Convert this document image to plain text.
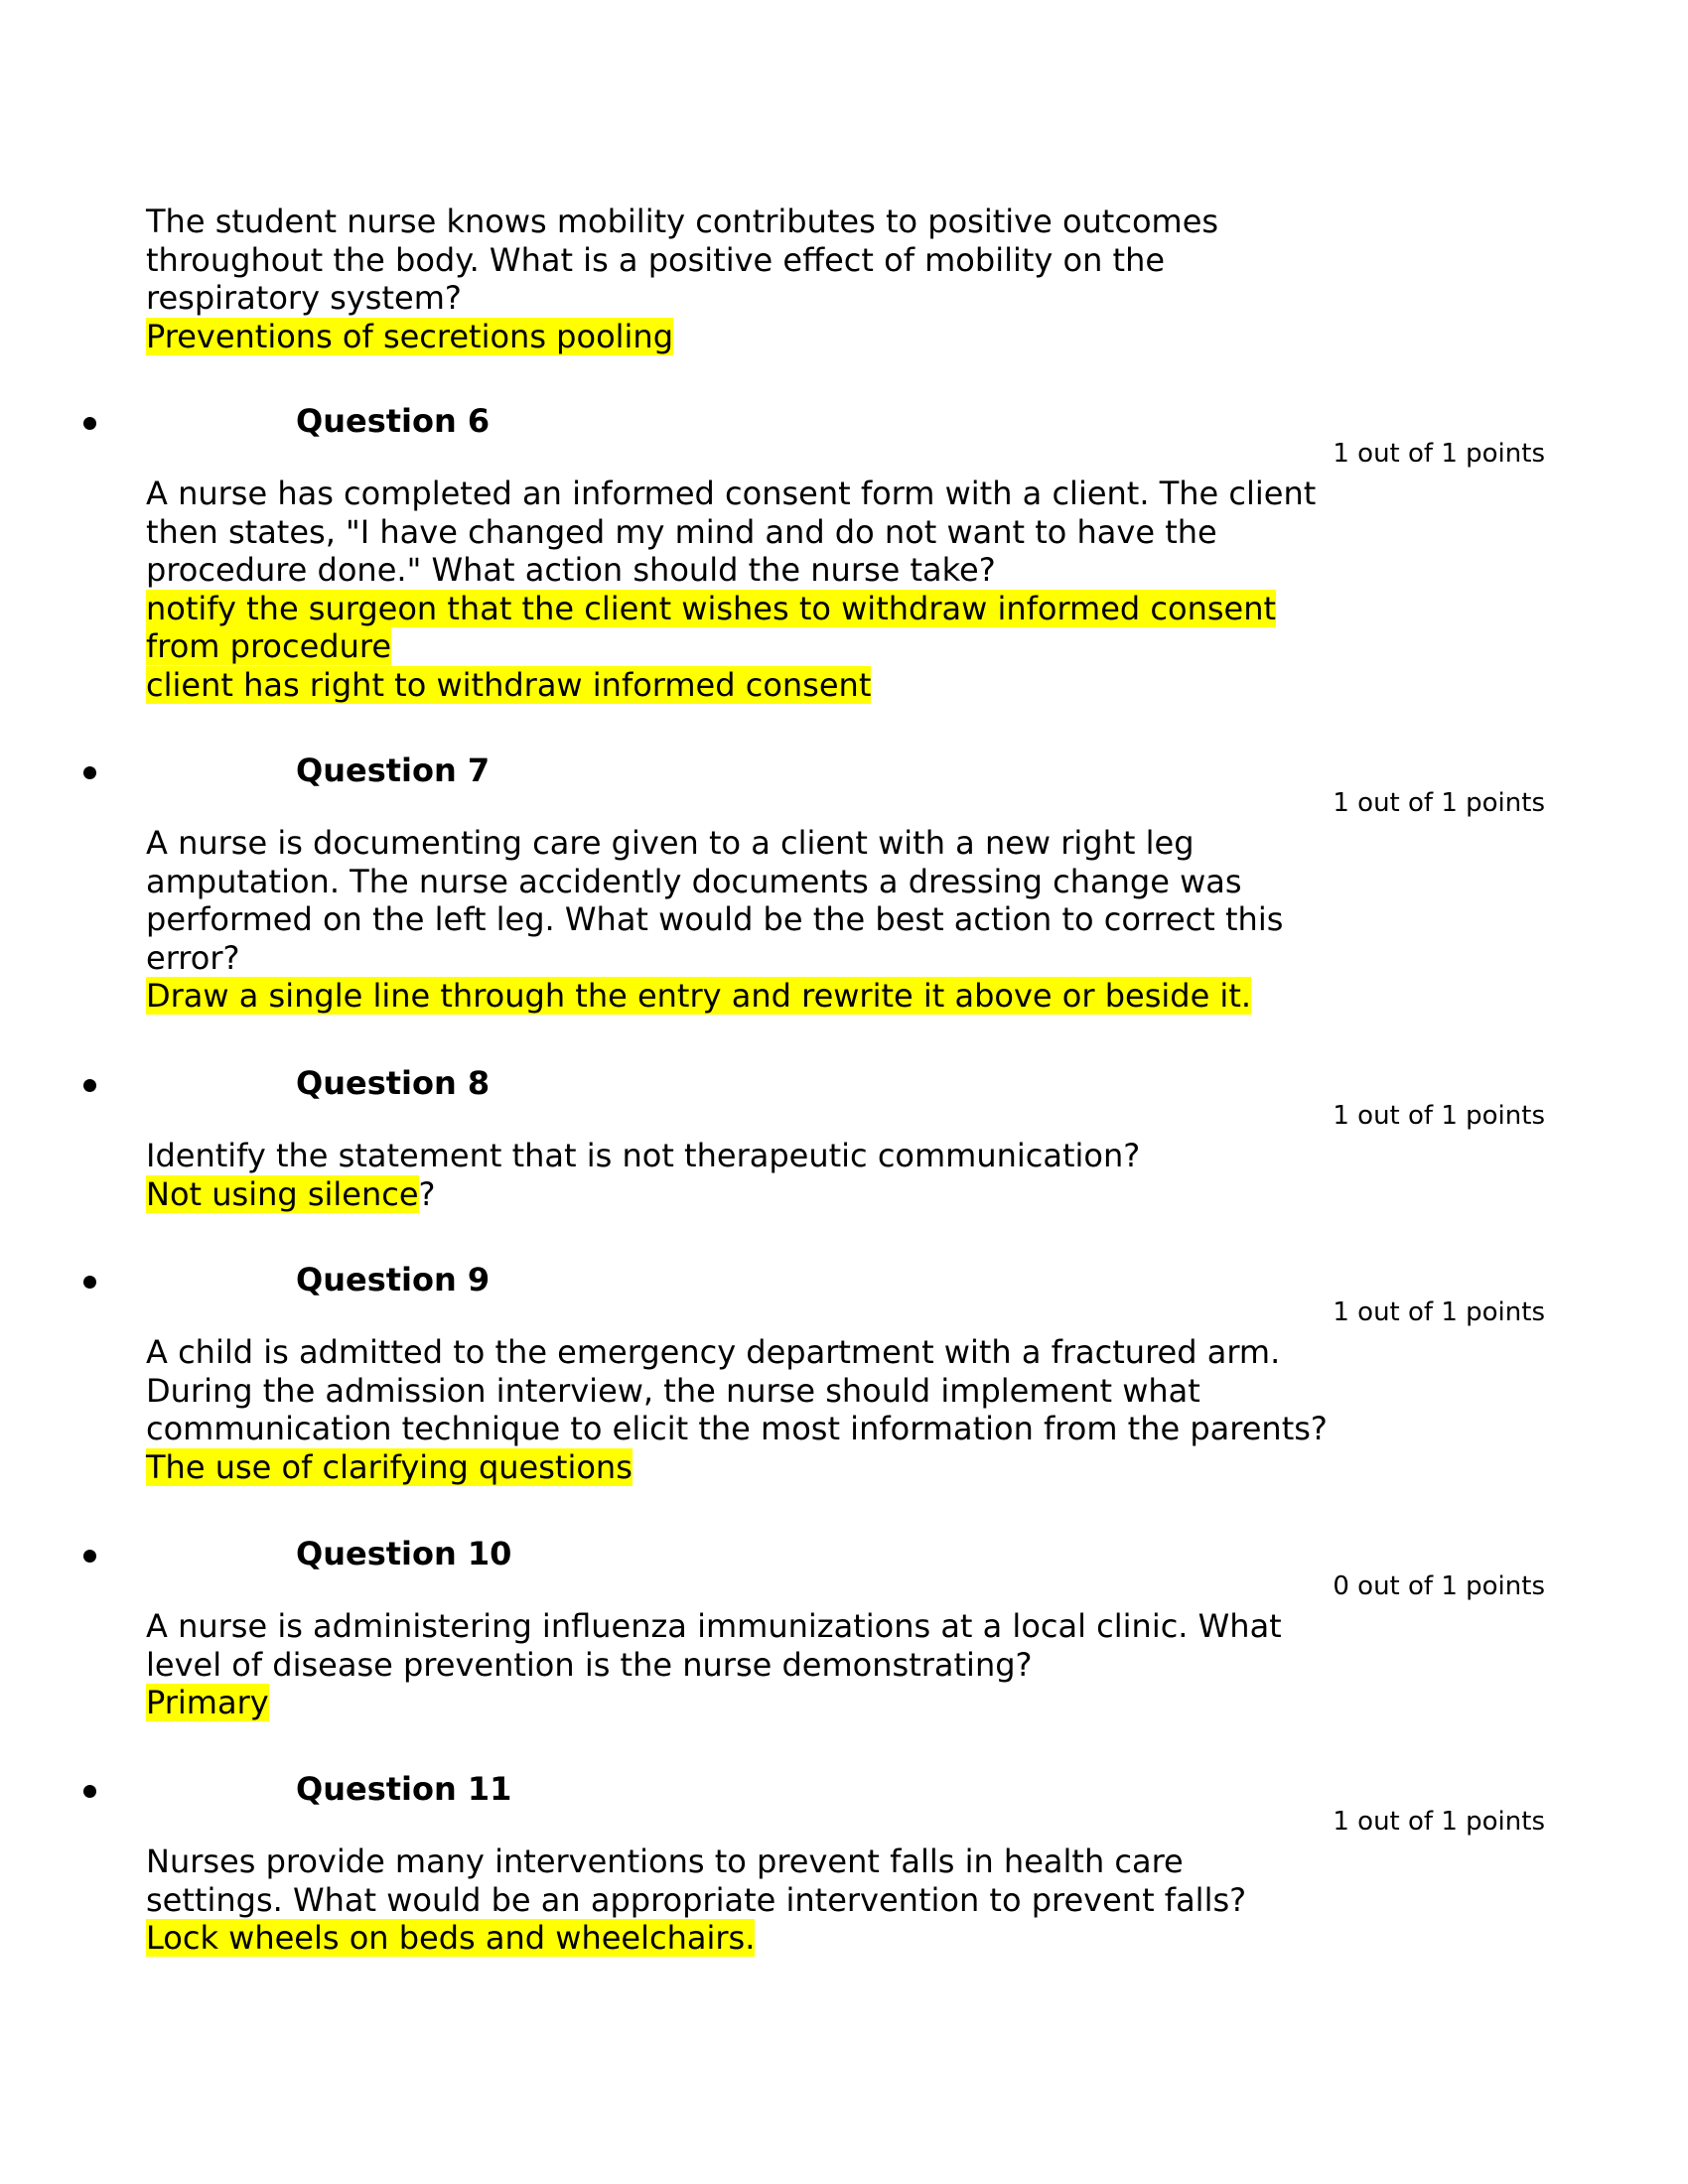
The student nurse knows mobility contributes to positive outcomes
throughout the body. What is a positive effect of mobility on the
respiratory system?
Preventions of secretions pooling
Question 6
1 out of 1 points
A nurse has completed an informed consent form with a client. The client
then states, "I have changed my mind and do not want to have the
procedure done." What action should the nurse take?
notify the surgeon that the client wishes to withdraw informed consent
from procedure
client has right to withdraw informed consent
Question 7
1 out of 1 points
A nurse is documenting care given to a client with a new right leg
amputation. The nurse accidently documents a dressing change was
performed on the left leg. What would be the best action to correct this
error?
Draw a single line through the entry and rewrite it above or beside it.
Question 8
1 out of 1 points
Identify the statement that is not therapeutic communication?
Not using silence?
Question 9
1 out of 1 points
A child is admitted to the emergency department with a fractured arm.
During the admission interview, the nurse should implement what
communication technique to elicit the most information from the parents?
The use of clarifying questions
Question 10
0 out of 1 points
A nurse is administering influenza immunizations at a local clinic. What
level of disease prevention is the nurse demonstrating?
Primary
Question 11
1 out of 1 points
Nurses provide many interventions to prevent falls in health care
settings. What would be an appropriate intervention to prevent falls?
Lock wheels on beds and wheelchairs.
